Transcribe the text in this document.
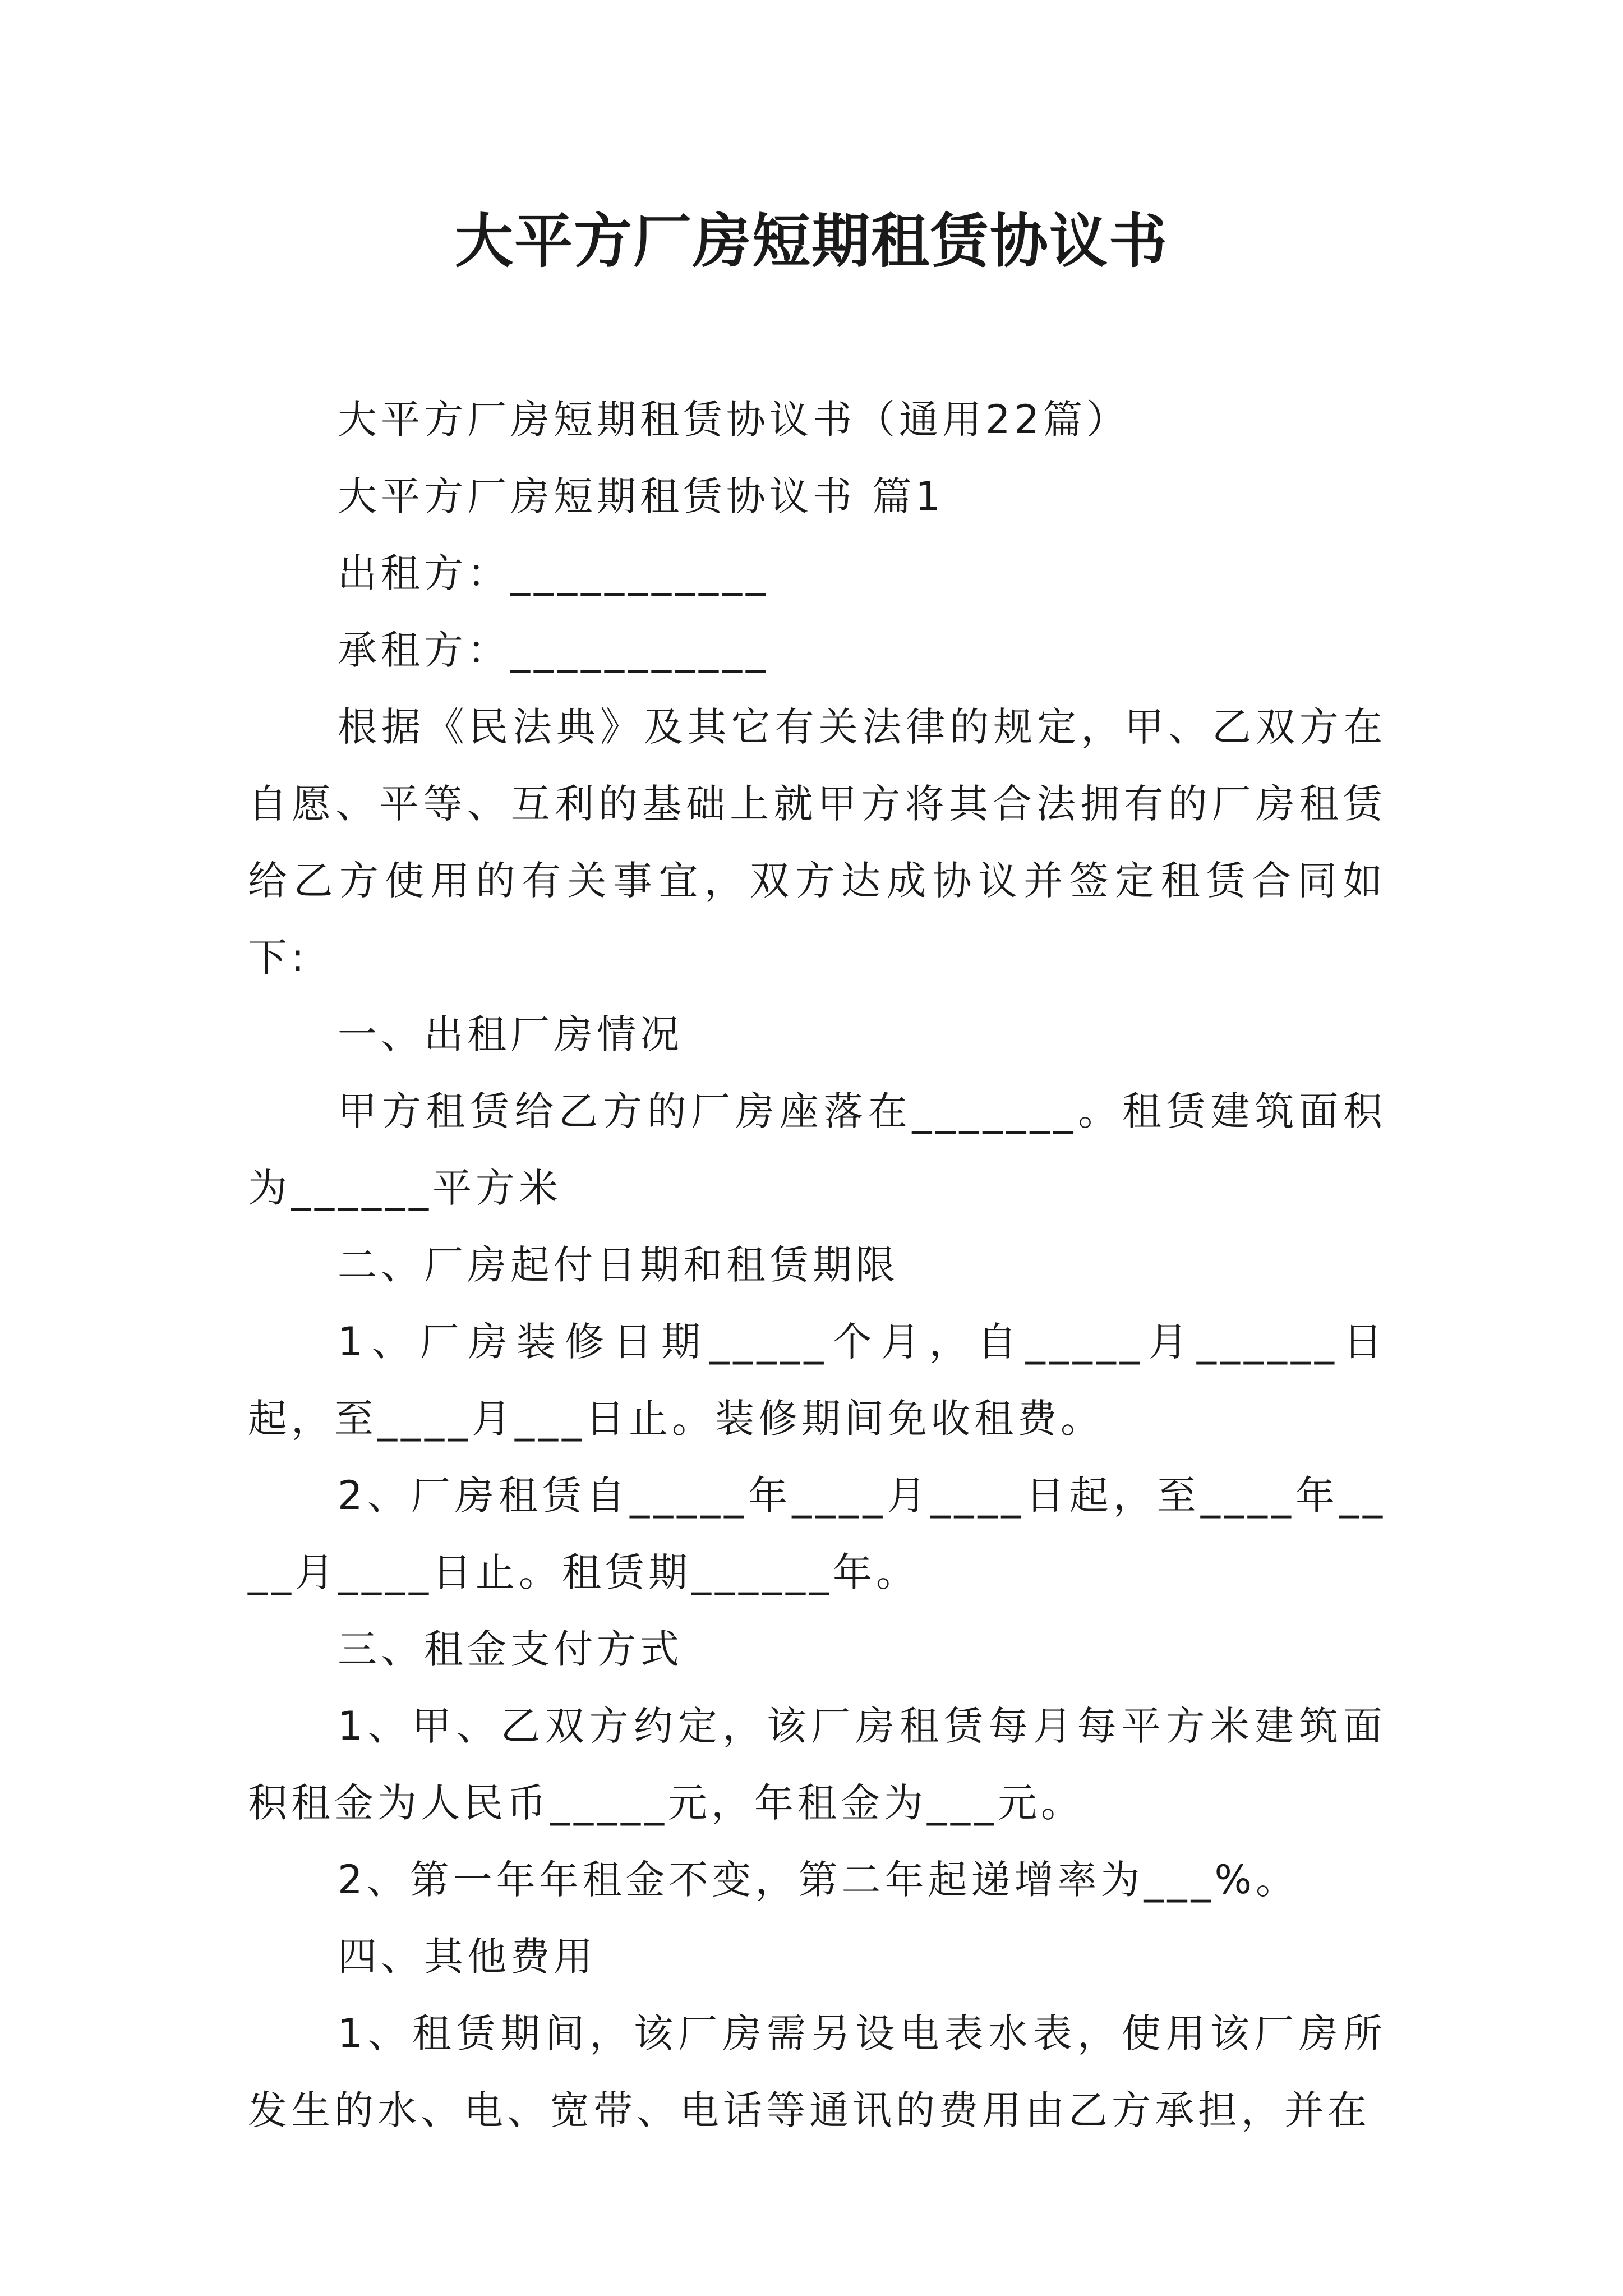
大平方厂房短期租赁协议书

大平方厂房短期租赁协议书（通用22篇）

大平方厂房短期租赁协议书 篇1

出租方：___________

承租方：___________

根据《民法典》及其它有关法律的规定，甲、乙双方在自愿、平等、互利的基础上就甲方将其合法拥有的厂房租赁给乙方使用的有关事宜，双方达成协议并签定租赁合同如下:

一、出租厂房情况

甲方租赁给乙方的厂房座落在_______。租赁建筑面积为______平方米

二、厂房起付日期和租赁期限

1、厂房装修日期_____个月，自_____月______日起，至____月___日止。装修期间免收租费。

2、厂房租赁自_____年____月____日起，至____年____月____日止。租赁期______年。

三、租金支付方式

1、甲、乙双方约定，该厂房租赁每月每平方米建筑面积租金为人民币_____元，年租金为___元。

2、第一年年租金不变，第二年起递增率为___%。

四、其他费用

1、租赁期间，该厂房需另设电表水表，使用该厂房所发生的水、电、宽带、电话等通讯的费用由乙方承担，并在
